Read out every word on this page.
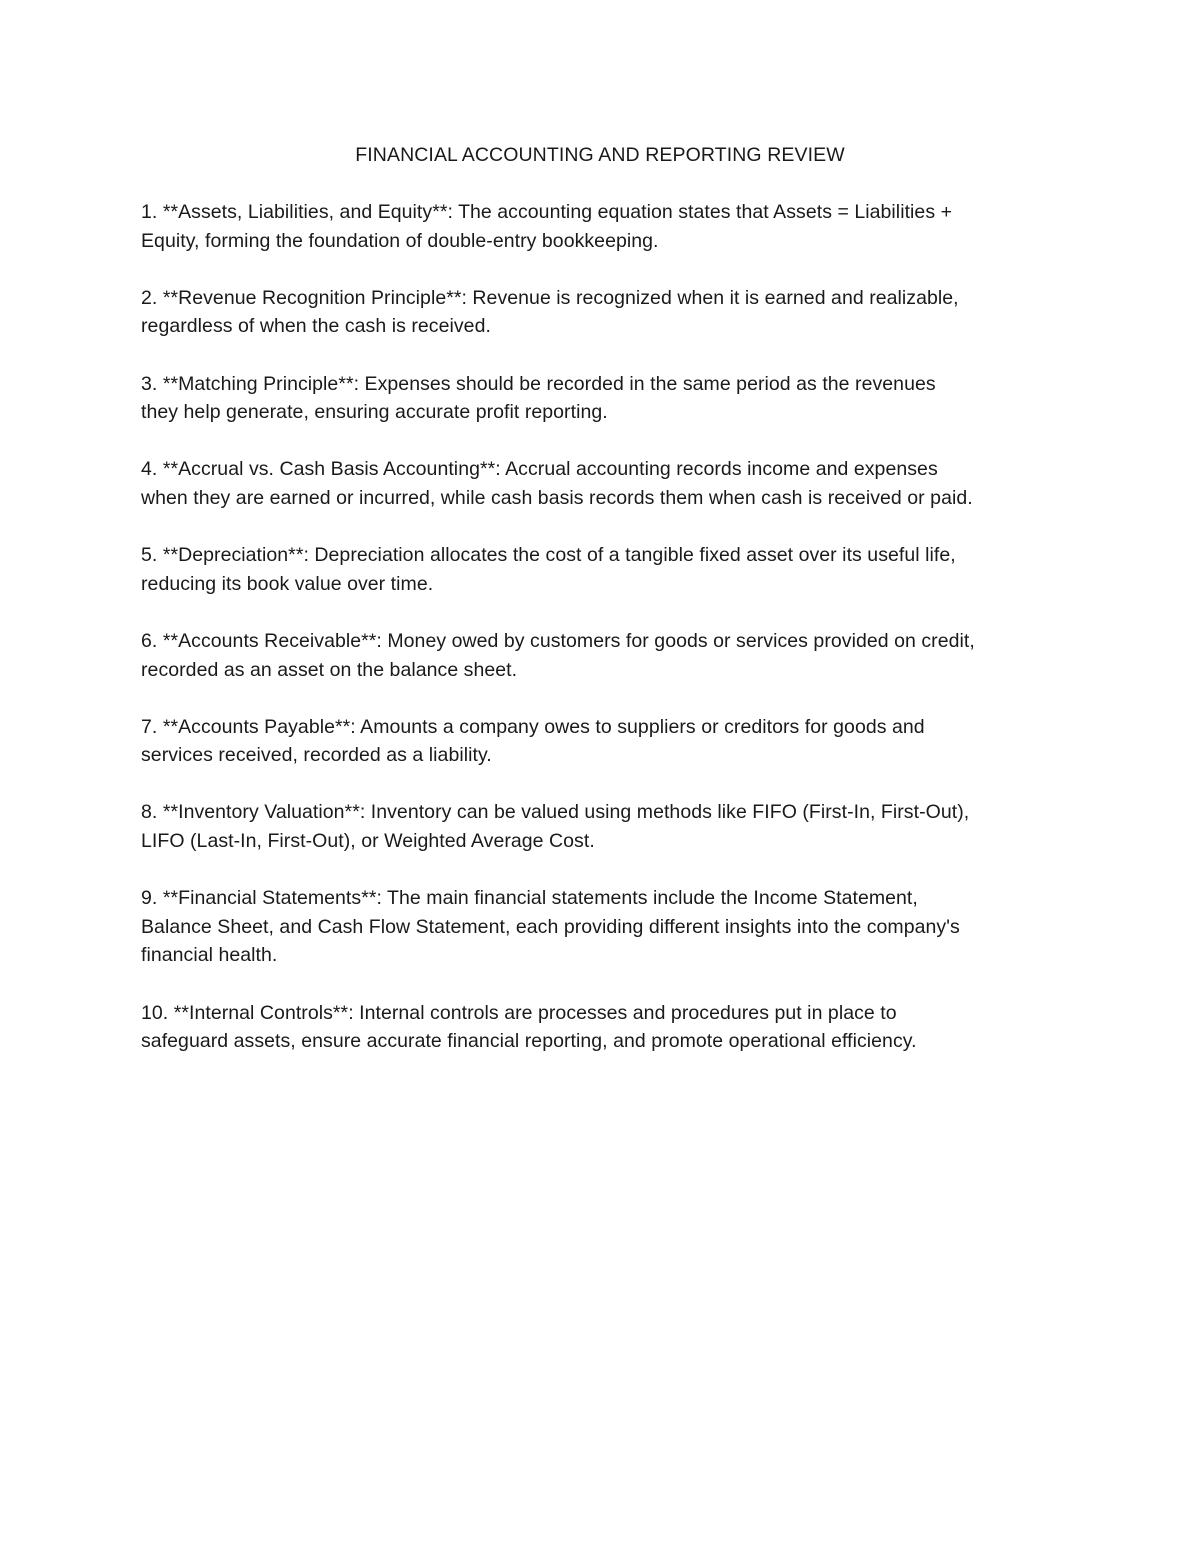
FINANCIAL ACCOUNTING AND REPORTING REVIEW
1. **Assets, Liabilities, and Equity**: The accounting equation states that Assets = Liabilities +
Equity, forming the foundation of double-entry bookkeeping.
2. **Revenue Recognition Principle**: Revenue is recognized when it is earned and realizable,
regardless of when the cash is received.
3. **Matching Principle**: Expenses should be recorded in the same period as the revenues
they help generate, ensuring accurate profit reporting.
4. **Accrual vs. Cash Basis Accounting**: Accrual accounting records income and expenses
when they are earned or incurred, while cash basis records them when cash is received or paid.
5. **Depreciation**: Depreciation allocates the cost of a tangible fixed asset over its useful life,
reducing its book value over time.
6. **Accounts Receivable**: Money owed by customers for goods or services provided on credit,
recorded as an asset on the balance sheet.
7. **Accounts Payable**: Amounts a company owes to suppliers or creditors for goods and
services received, recorded as a liability.
8. **Inventory Valuation**: Inventory can be valued using methods like FIFO (First-In, First-Out),
LIFO (Last-In, First-Out), or Weighted Average Cost.
9. **Financial Statements**: The main financial statements include the Income Statement,
Balance Sheet, and Cash Flow Statement, each providing different insights into the company's
financial health.
10. **Internal Controls**: Internal controls are processes and procedures put in place to
safeguard assets, ensure accurate financial reporting, and promote operational efficiency.
